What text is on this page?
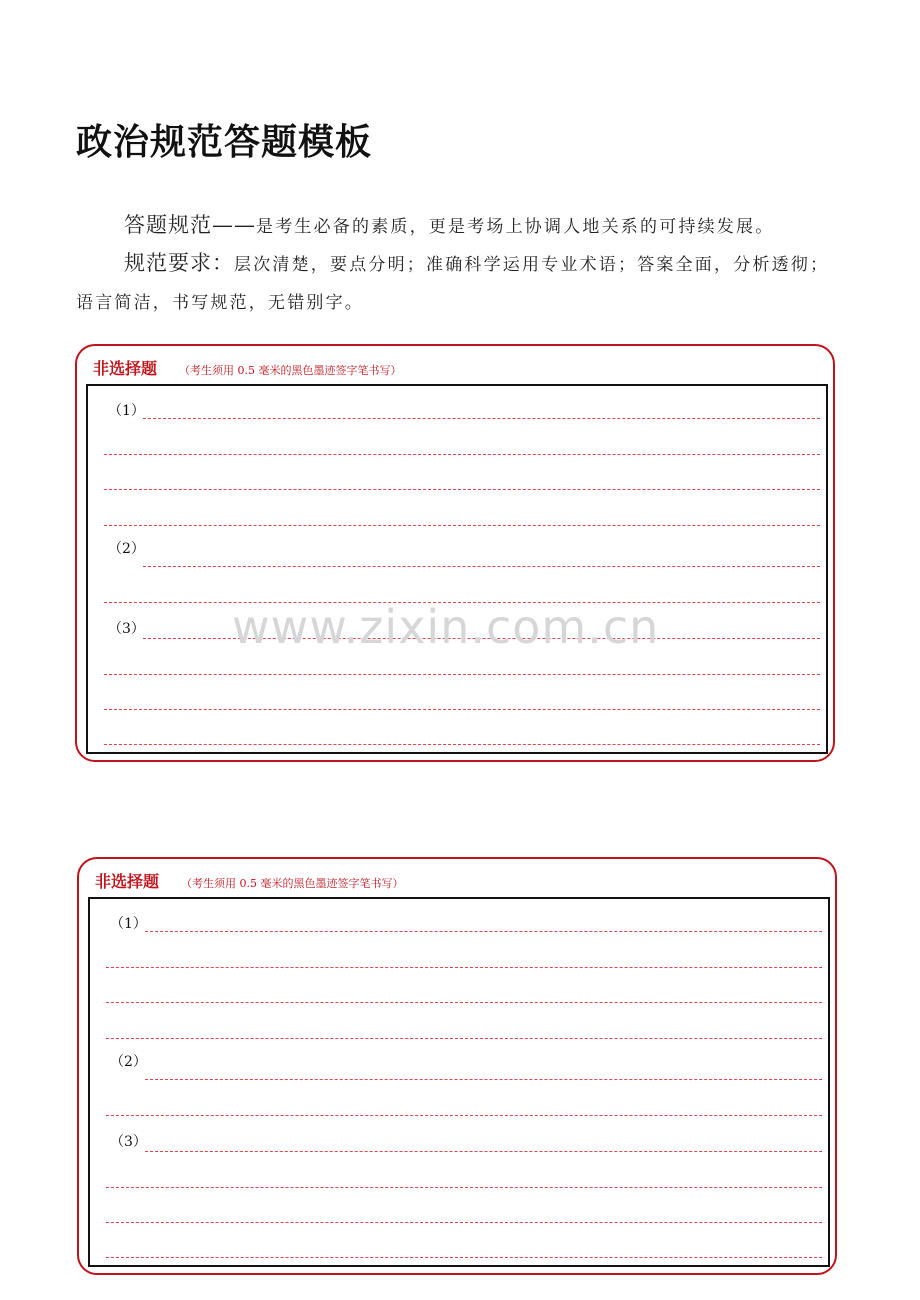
政治规范答题模板
答题规范——是考生必备的素质，更是考场上协调人地关系的可持续发展。
规范要求：层次清楚，要点分明；准确科学运用专业术语；答案全面，分析透彻；语言简洁，书写规范，无错别字。
非选择题 （考生须用 0.5 毫米的黑色墨迹签字笔书写）
（1）
（2）
（3）
非选择题 （考生须用 0.5 毫米的黑色墨迹签字笔书写）
（1）
（2）
（3）
www.zixin.com.cn
